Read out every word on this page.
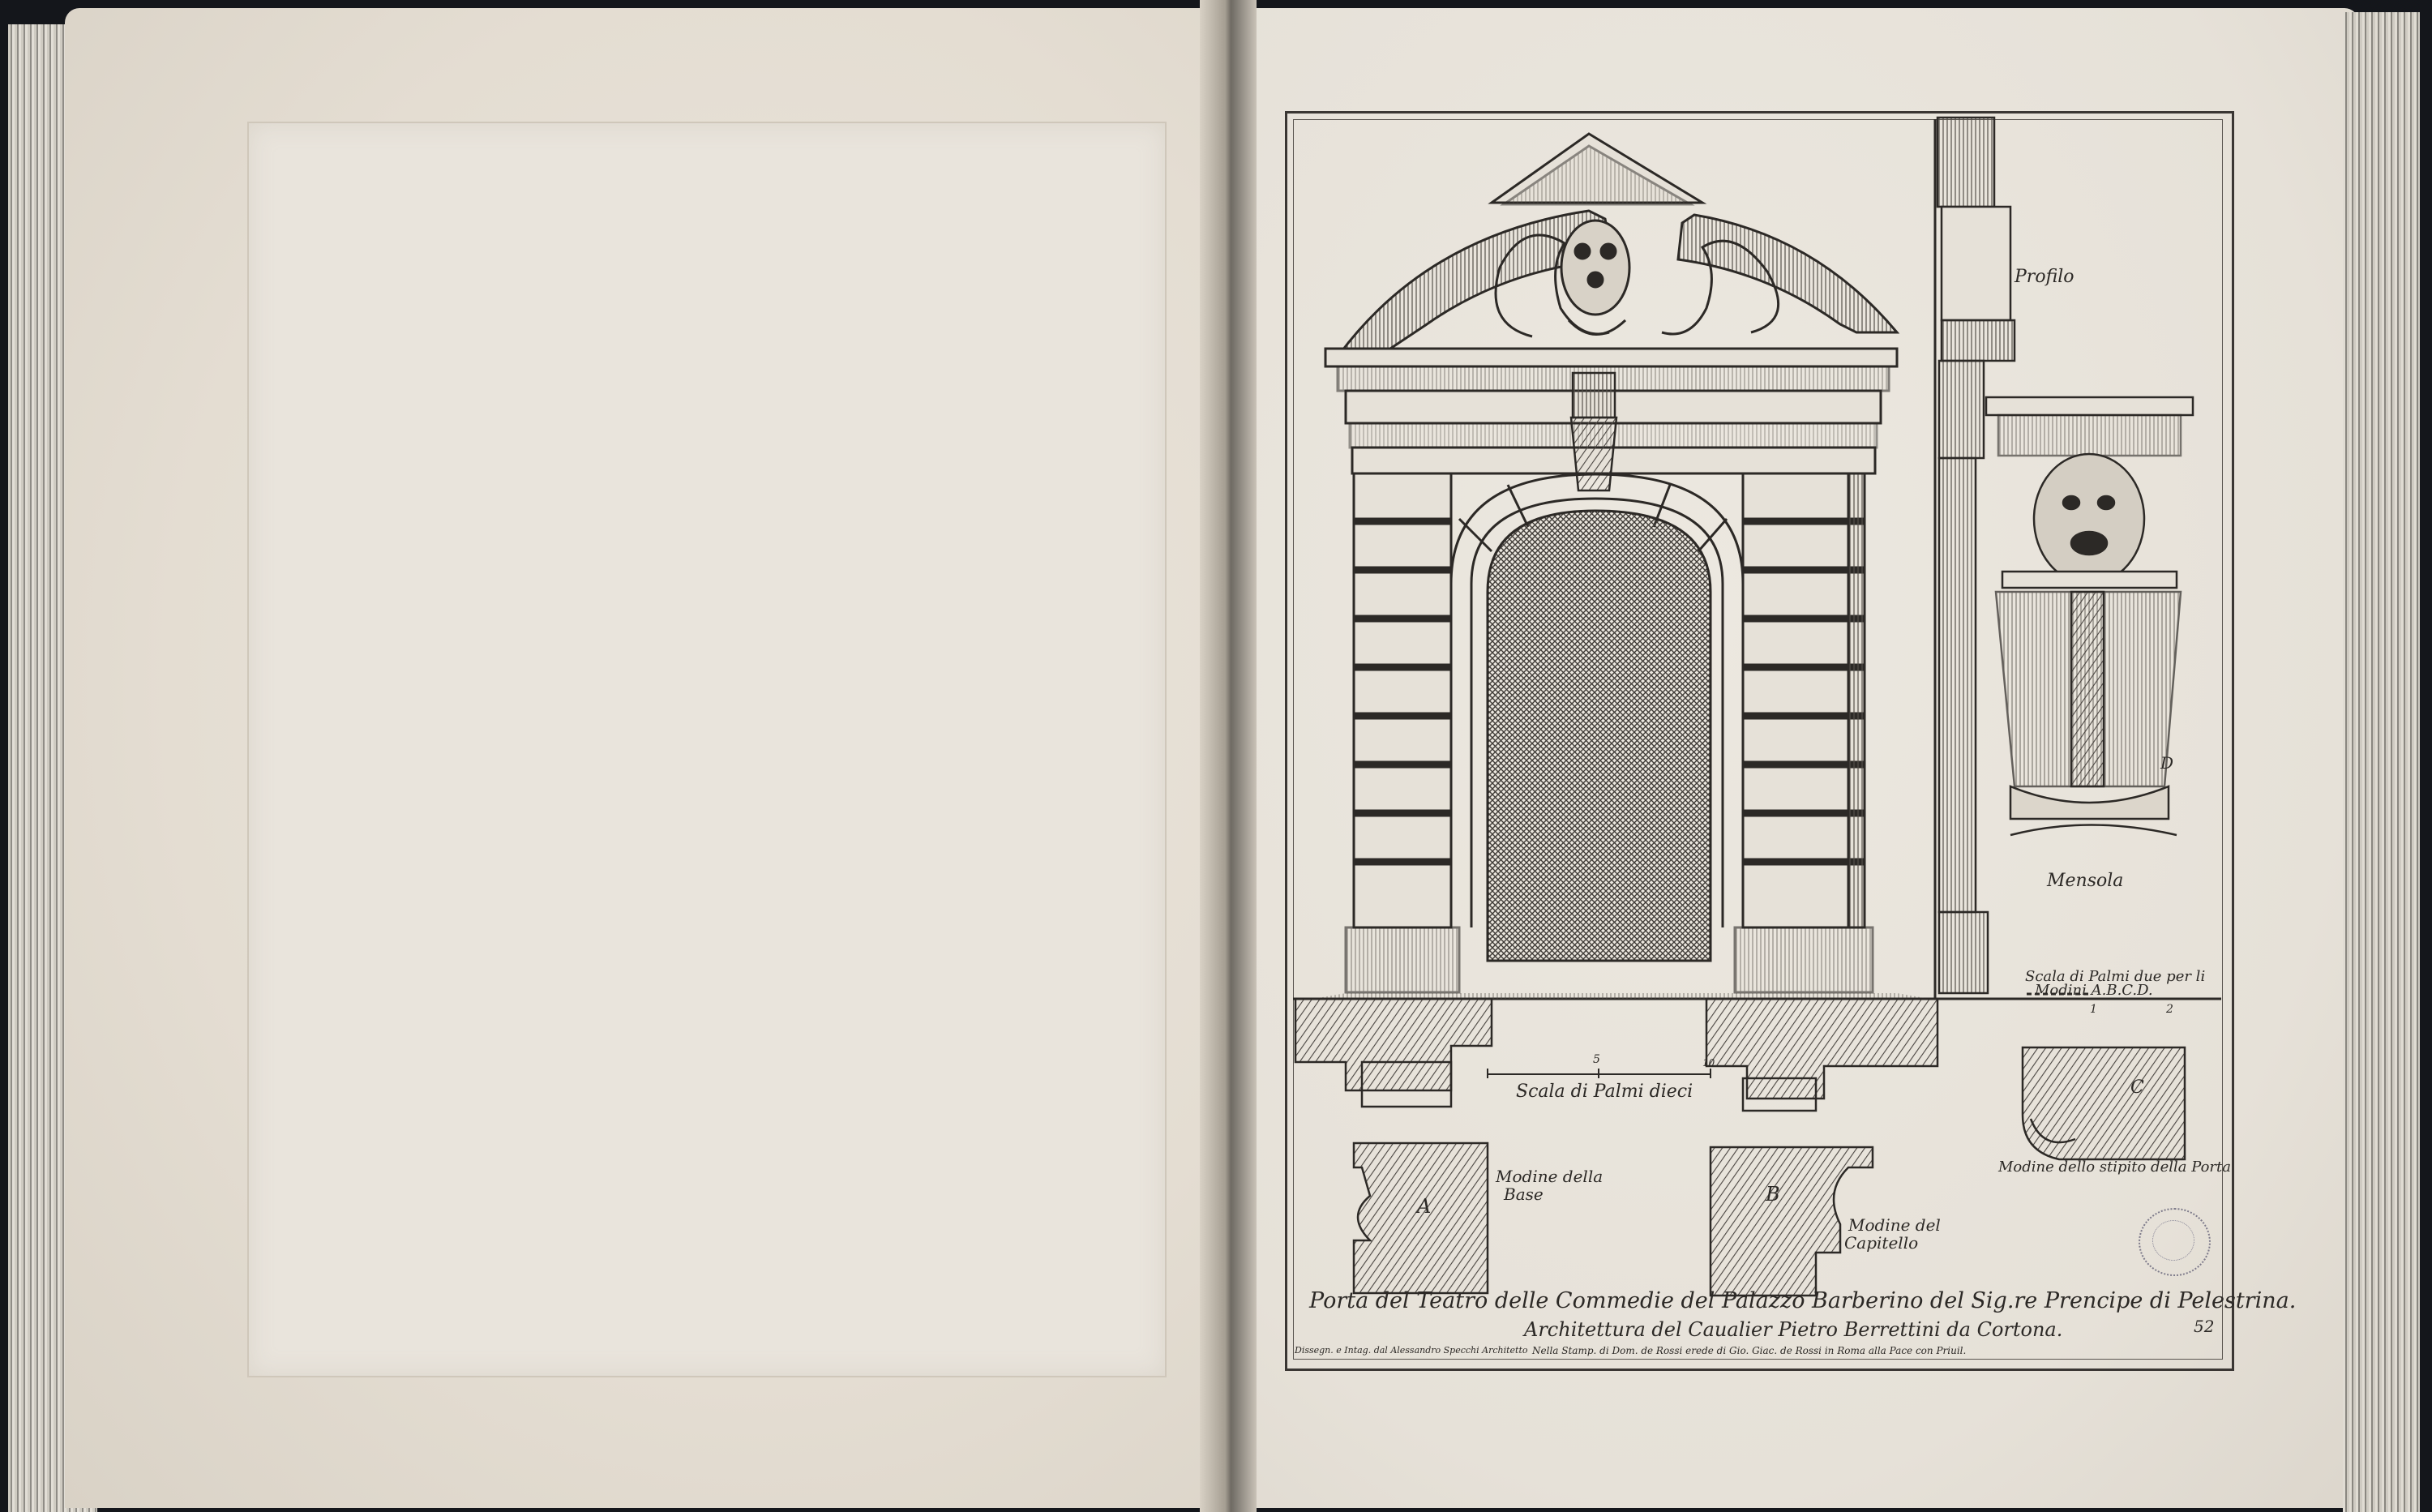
Profilo
Mensola
D
Scala di Palmi due per li
Modini A.B.C.D.
1	2
5	10
Scala di Palmi dieci	C
Modine dello stipito della Porta
A
Modine della
Base	B
Modine del
Capitello
Porta del Teatro delle Commedie del Palazzo Barberino del Sig.re Prencipe di Pelestrina.
Architettura del Caualier Pietro Berrettini da Cortona.
Dissegn. e Intag. dal Alessandro Specchi Architetto Nella Stamp. di Dom. de Rossi erede di Gio. Giac. de Rossi in Roma alla Pace con Priuil.
52
